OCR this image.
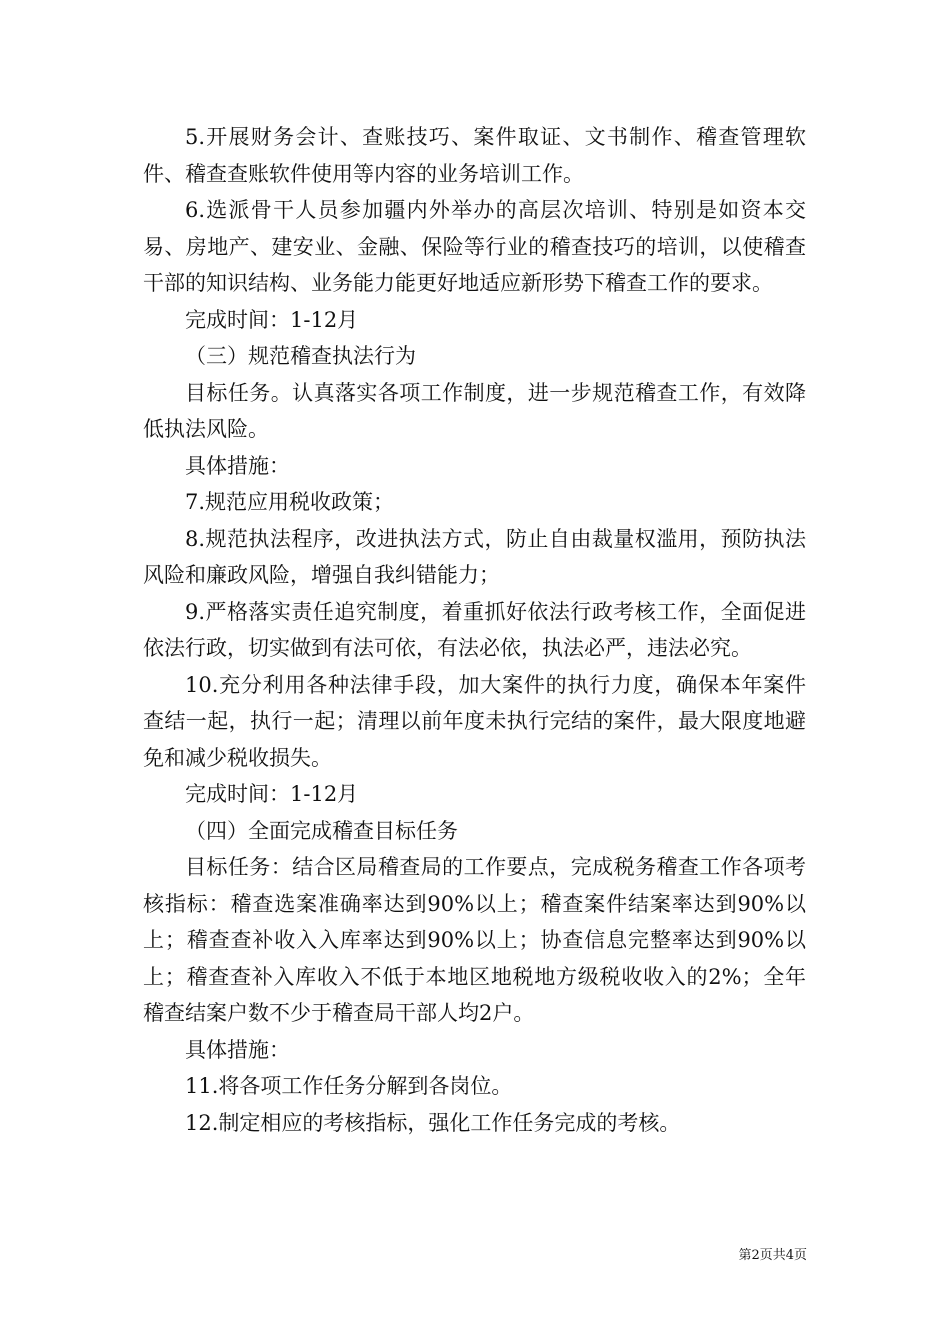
5.开展财务会计、查账技巧、案件取证、文书制作、稽查管理软件、稽查查账软件使用等内容的业务培训工作。

6.选派骨干人员参加疆内外举办的高层次培训、特别是如资本交易、房地产、建安业、金融、保险等行业的稽查技巧的培训，以使稽查干部的知识结构、业务能力能更好地适应新形势下稽查工作的要求。

完成时间：1-12月

（三）规范稽查执法行为

目标任务。认真落实各项工作制度，进一步规范稽查工作，有效降低执法风险。

具体措施：

7.规范应用税收政策；

8.规范执法程序，改进执法方式，防止自由裁量权滥用，预防执法风险和廉政风险，增强自我纠错能力；

9.严格落实责任追究制度，着重抓好依法行政考核工作，全面促进依法行政，切实做到有法可依，有法必依，执法必严，违法必究。

10.充分利用各种法律手段，加大案件的执行力度，确保本年案件查结一起，执行一起；清理以前年度未执行完结的案件，最大限度地避免和减少税收损失。

完成时间：1-12月

（四）全面完成稽查目标任务

目标任务：结合区局稽查局的工作要点，完成税务稽查工作各项考核指标：稽查选案准确率达到90%以上；稽查案件结案率达到90%以上；稽查查补收入入库率达到90%以上；协查信息完整率达到90%以上；稽查查补入库收入不低于本地区地税地方级税收收入的2%；全年稽查结案户数不少于稽查局干部人均2户。

具体措施：

11.将各项工作任务分解到各岗位。

12.制定相应的考核指标，强化工作任务完成的考核。

第2页共4页
